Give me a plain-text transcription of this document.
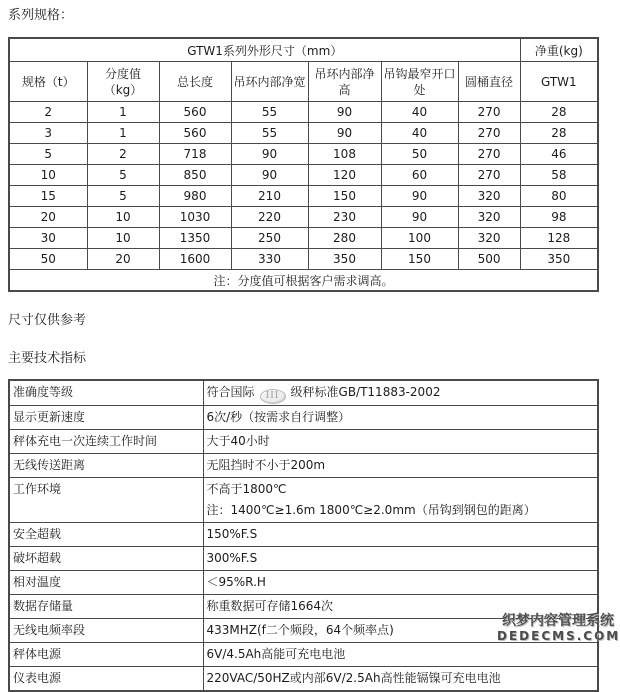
系列规格：
GTW1系列外形尺寸（mm）							净重(kg)
规格（t）	分度值（kg）	总长度	吊环内部净宽	吊环内部净高	吊钩最窄开口处	圆桶直径	GTW1
2	1	560	55	90	40	270	28
3	1	560	55	90	40	270	28
5	2	718	90	108	50	270	46
10	5	850	90	120	60	270	58
15	5	980	210	150	90	320	80
20	10	1030	220	230	90	320	98
30	10	1350	250	280	100	320	128
50	20	1600	330	350	150	500	350
注：分度值可根据客户需求调高。							
尺寸仅供参考
主要技术指标
准确度等级	符合国际 III 级秤标准GB/T11883-2002
显示更新速度	6次/秒（按需求自行调整）

秤体充电一次连续工作时间	大于40小时

无线传送距离	无阻挡时不小于200m

工作环境	不高于1800℃
注：1400℃≥1.6m 1800℃≥2.0mm（吊钩到钢包的距离）

安全超载	150%F.S

破坏超载	300%F.S

相对温度	＜95%R.H

数据存储量	称重数据可存储1664次

无线电频率段	433MHZ(f二个频段，64个频率点)

秤体电源	6V/4.5Ah高能可充电电池

仪表电源	220VAC/50HZ或内部6V/2.5Ah高性能镉镍可充电电池
织梦内容管理系统
DEDECMS.COM
